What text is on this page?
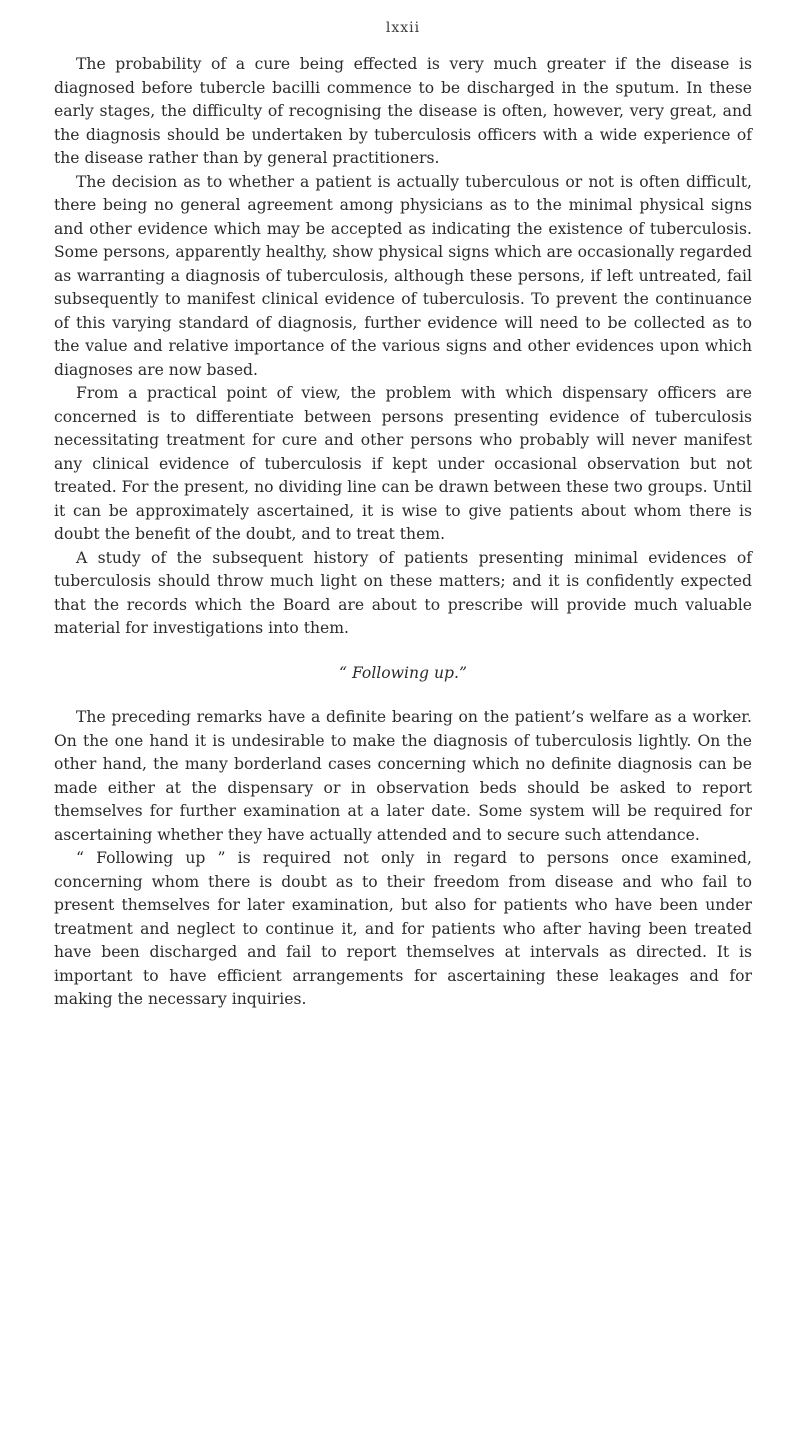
lxxii

The probability of a cure being effected is very much greater if the disease is diagnosed before tubercle bacilli commence to be discharged in the sputum. In these early stages, the difficulty of recognising the disease is often, however, very great, and the diagnosis should be undertaken by tuberculosis officers with a wide experience of the disease rather than by general practitioners.

The decision as to whether a patient is actually tuberculous or not is often difficult, there being no general agreement among physicians as to the minimal physical signs and other evidence which may be accepted as indicating the existence of tuberculosis. Some persons, apparently healthy, show physical signs which are occasionally regarded as warranting a diagnosis of tuberculosis, although these persons, if left untreated, fail subsequently to manifest clinical evidence of tuberculosis. To prevent the continuance of this varying standard of diagnosis, further evidence will need to be collected as to the value and relative importance of the various signs and other evidences upon which diagnoses are now based.

From a practical point of view, the problem with which dispensary officers are concerned is to differentiate between persons presenting evidence of tuberculosis necessitating treatment for cure and other persons who probably will never manifest any clinical evidence of tuberculosis if kept under occasional observation but not treated. For the present, no dividing line can be drawn between these two groups. Until it can be approximately ascertained, it is wise to give patients about whom there is doubt the benefit of the doubt, and to treat them.

A study of the subsequent history of patients presenting minimal evidences of tuberculosis should throw much light on these matters; and it is confidently expected that the records which the Board are about to prescribe will provide much valuable material for investigations into them.

“ Following up.”

The preceding remarks have a definite bearing on the patient’s welfare as a worker. On the one hand it is undesirable to make the diagnosis of tuberculosis lightly. On the other hand, the many borderland cases concerning which no definite diagnosis can be made either at the dispensary or in observation beds should be asked to report themselves for further examination at a later date. Some system will be required for ascertaining whether they have actually attended and to secure such attendance.

“ Following up ” is required not only in regard to persons once examined, concerning whom there is doubt as to their freedom from disease and who fail to present themselves for later examination, but also for patients who have been under treatment and neglect to continue it, and for patients who after having been treated have been discharged and fail to report themselves at intervals as directed. It is important to have efficient arrangements for ascertaining these leakages and for making the necessary inquiries.
